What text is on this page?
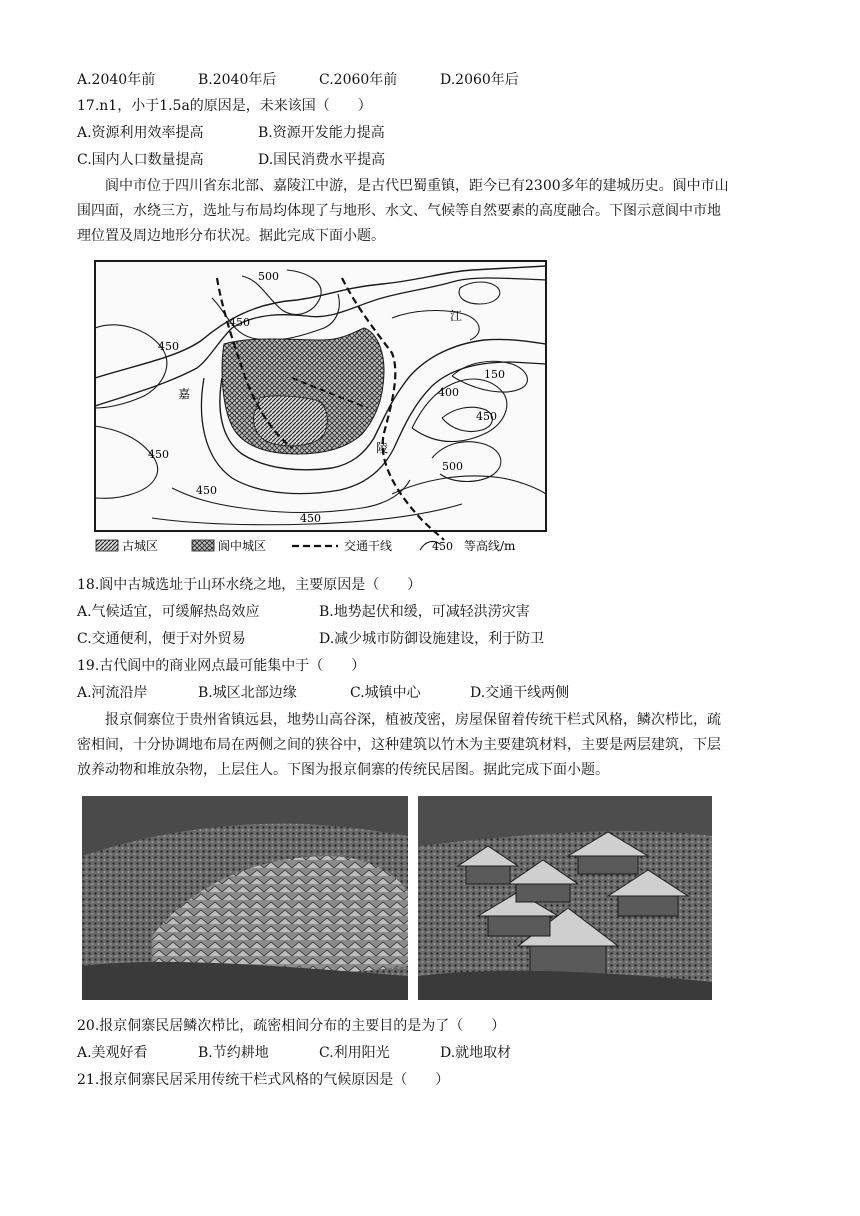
A.2040年前	B.2040年后	C.2060年前	D.2060年后
17.n1，小于1.5a的原因是，未来该国（　　）
A.资源利用效率提高	B.资源开发能力提高
C.国内人口数量提高	D.国民消费水平提高
阆中市位于四川省东北部、嘉陵江中游，是古代巴蜀重镇，距今已有2300多年的建城历史。阆中市山
围四面，水绕三方，选址与布局均体现了与地形、水文、气候等自然要素的高度融合。下图示意阆中市地
理位置及周边地形分布状况。据此完成下面小题。
500
450
450
450
450
450
400
450
150
500
江
嘉
陵
古城区	阆中城区	交通干线	450 等高线/m
18.阆中古城选址于山环水绕之地，主要原因是（　　）
A.气候适宜，可缓解热岛效应	B.地势起伏和缓，可减轻洪涝灾害
C.交通便利，便于对外贸易	D.减少城市防御设施建设，利于防卫
19.古代阆中的商业网点最可能集中于（　　）
A.河流沿岸	B.城区北部边缘	C.城镇中心	D.交通干线两侧
报京侗寨位于贵州省镇远县，地势山高谷深，植被茂密，房屋保留着传统干栏式风格，鳞次栉比，疏
密相间，十分协调地布局在两侧之间的狭谷中，这种建筑以竹木为主要建筑材料，主要是两层建筑，下层
放养动物和堆放杂物，上层住人。下图为报京侗寨的传统民居图。据此完成下面小题。
20.报京侗寨民居鳞次栉比，疏密相间分布的主要目的是为了（　　）
A.美观好看	B.节约耕地	C.利用阳光	D.就地取材
21.报京侗寨民居采用传统干栏式风格的气候原因是（　　）
